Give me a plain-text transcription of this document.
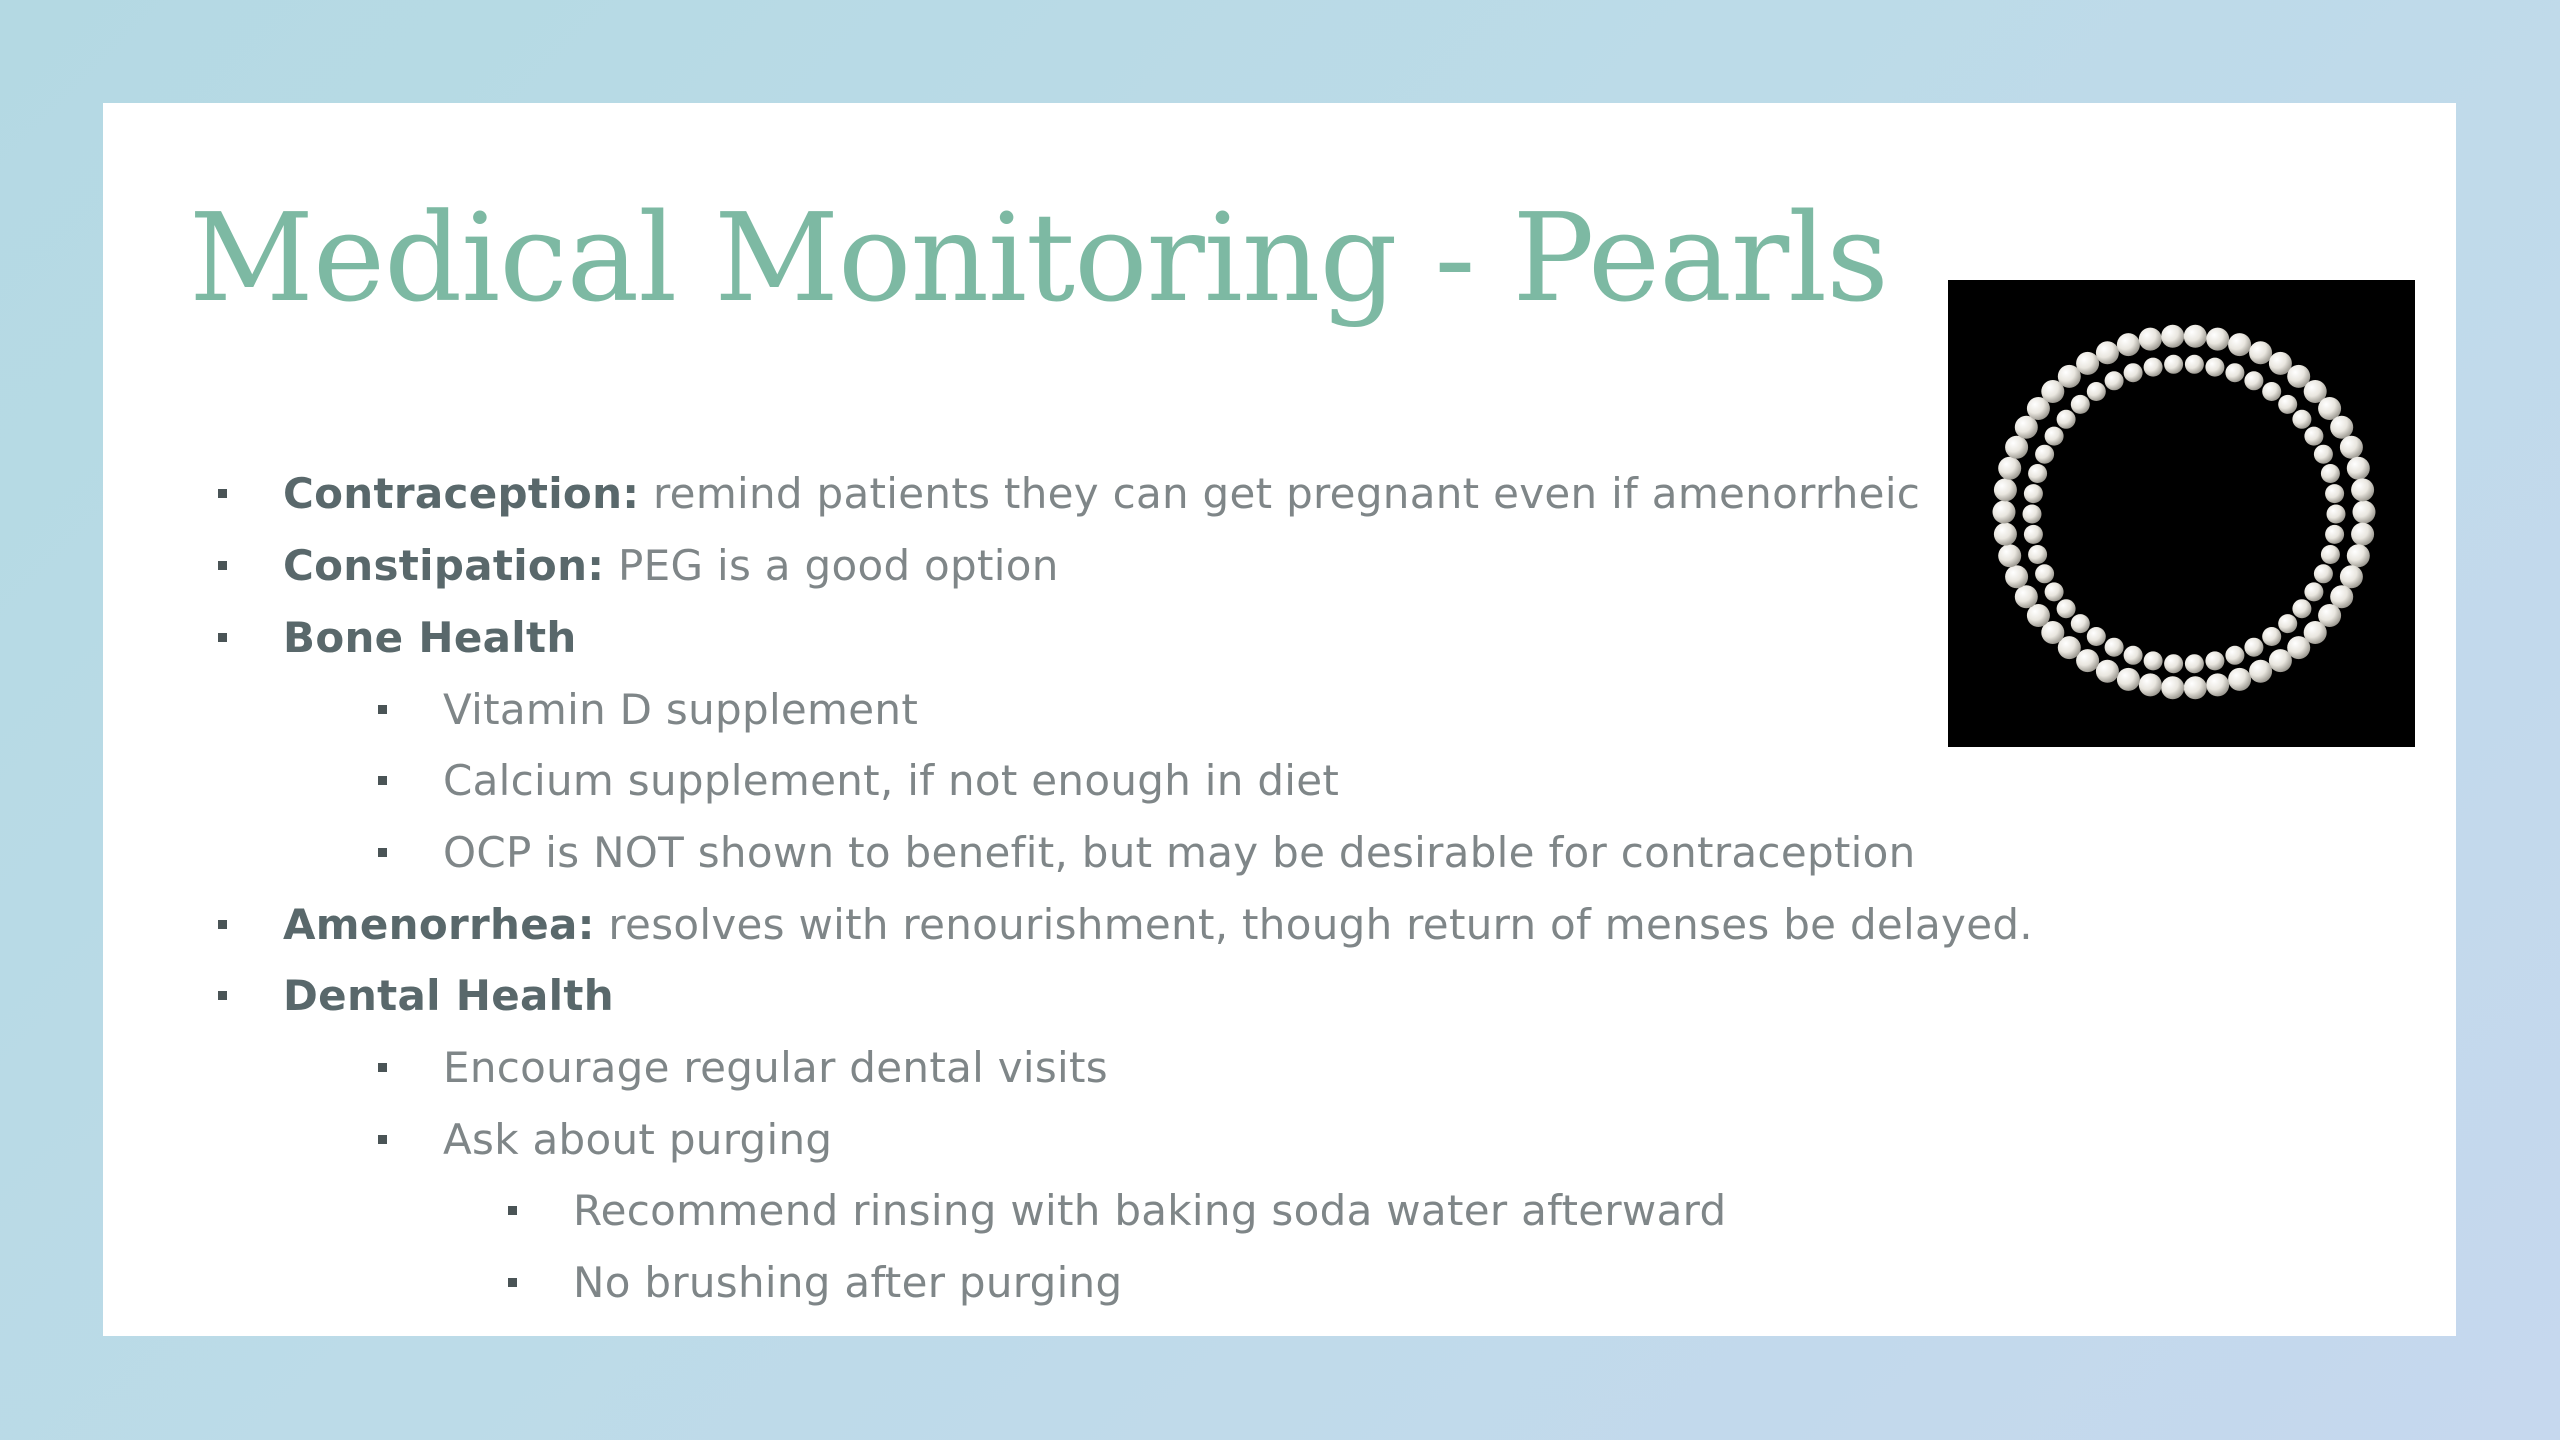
Medical Monitoring - Pearls
Contraception: remind patients they can get pregnant even if amenorrheic
Constipation: PEG is a good option
Bone Health
Vitamin D supplement
Calcium supplement, if not enough in diet
OCP is NOT shown to benefit, but may be desirable for contraception
Amenorrhea: resolves with renourishment, though return of menses be delayed.
Dental Health
Encourage regular dental visits
Ask about purging
Recommend rinsing with baking soda water afterward
No brushing after purging
